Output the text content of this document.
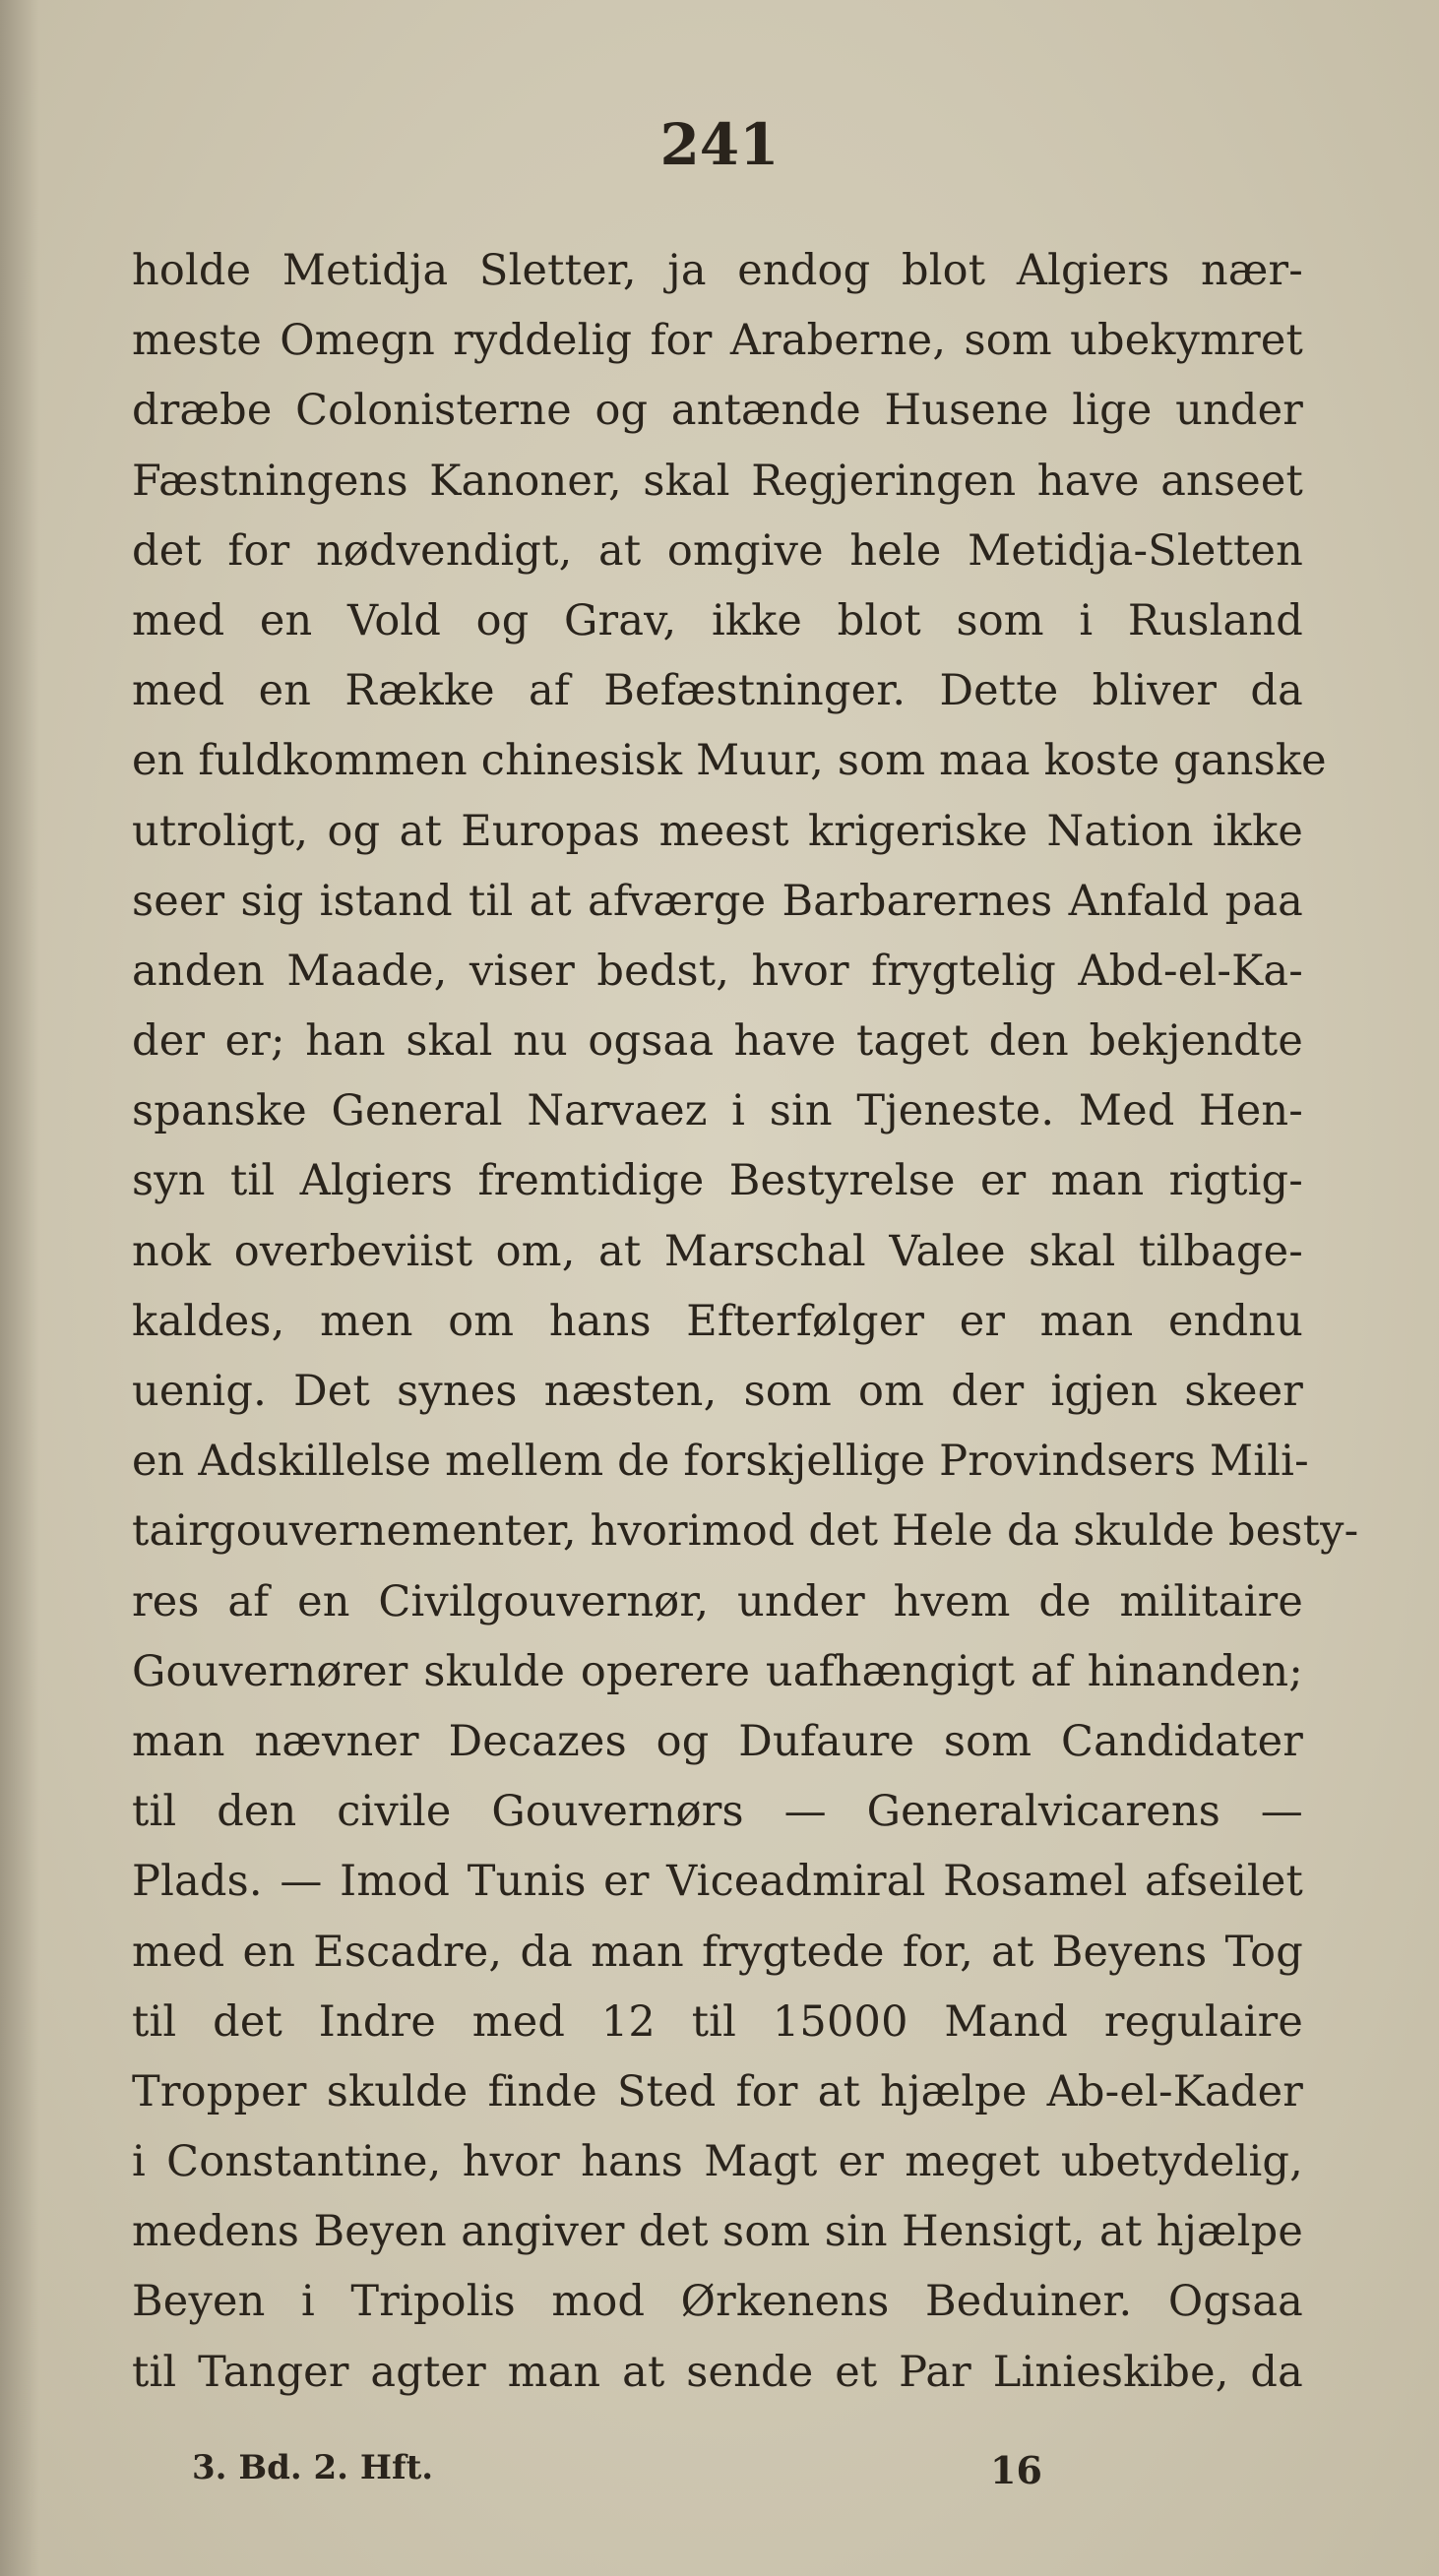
241
holde Metidja Sletter, ja endog blot Algiers nær-
meste Omegn ryddelig for Araberne, som ubekymret
dræbe Colonisterne og antænde Husene lige under
Fæstningens Kanoner, skal Regjeringen have anseet
det for nødvendigt, at omgive hele Metidja-Sletten
med en Vold og Grav, ikke blot som i Rusland
med en Række af Befæstninger. Dette bliver da
en fuldkommen chinesisk Muur, som maa koste ganske
utroligt, og at Europas meest krigeriske Nation ikke
seer sig istand til at afværge Barbarernes Anfald paa
anden Maade, viser bedst, hvor frygtelig Abd-el-Ka-
der er; han skal nu ogsaa have taget den bekjendte
spanske General Narvaez i sin Tjeneste. Med Hen-
syn til Algiers fremtidige Bestyrelse er man rigtig-
nok overbeviist om, at Marschal Valee skal tilbage-
kaldes, men om hans Efterfølger er man endnu
uenig. Det synes næsten, som om der igjen skeer
en Adskillelse mellem de forskjellige Provindsers Mili-
tairgouvernementer, hvorimod det Hele da skulde besty-
res af en Civilgouvernør, under hvem de militaire
Gouvernører skulde operere uafhængigt af hinanden;
man nævner Decazes og Dufaure som Candidater
til den civile Gouvernørs — Generalvicarens —
Plads. — Imod Tunis er Viceadmiral Rosamel afseilet
med en Escadre, da man frygtede for, at Beyens Tog
til det Indre med 12 til 15000 Mand regulaire
Tropper skulde finde Sted for at hjælpe Ab-el-Kader
i Constantine, hvor hans Magt er meget ubetydelig,
medens Beyen angiver det som sin Hensigt, at hjælpe
Beyen i Tripolis mod Ørkenens Beduiner. Ogsaa
til Tanger agter man at sende et Par Linieskibe, da
3. Bd. 2. Hft.	16
